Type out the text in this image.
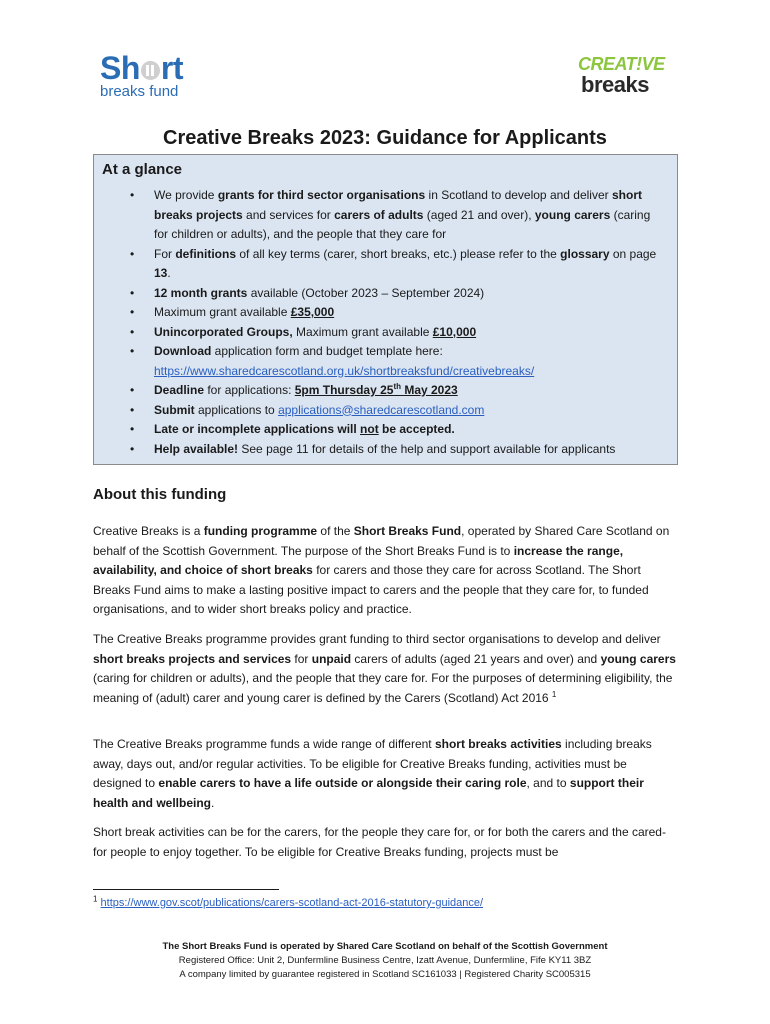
Sh rt
breaks fund
CREAT!VE
breaks
Creative Breaks 2023: Guidance for Applicants
At a glance
• We provide grants for third sector organisations in Scotland to develop and deliver short breaks projects and services for carers of adults (aged 21 and over), young carers (caring for children or adults), and the people that they care for
• For definitions of all key terms (carer, short breaks, etc.) please refer to the glossary on page 13.
• 12 month grants available (October 2023 – September 2024)
• Maximum grant available £35,000
• Unincorporated Groups, Maximum grant available £10,000
• Download application form and budget template here:
https://www.sharedcarescotland.org.uk/shortbreaksfund/creativebreaks/
• Deadline for applications: 5pm Thursday 25th May 2023
• Submit applications to applications@sharedcarescotland.com
• Late or incomplete applications will not be accepted.
• Help available! See page 11 for details of the help and support available for applicants
About this funding

Creative Breaks is a funding programme of the Short Breaks Fund, operated by Shared Care Scotland on behalf of the Scottish Government. The purpose of the Short Breaks Fund is to increase the range, availability, and choice of short breaks for carers and those they care for across Scotland. The Short Breaks Fund aims to make a lasting positive impact to carers and the people that they care for, to funded organisations, and to wider short breaks policy and practice.

The Creative Breaks programme provides grant funding to third sector organisations to develop and deliver short breaks projects and services for unpaid carers of adults (aged 21 years and over) and young carers (caring for children or adults), and the people that they care for. For the purposes of determining eligibility, the meaning of (adult) carer and young carer is defined by the Carers (Scotland) Act 2016 $^1$

The Creative Breaks programme funds a wide range of different short breaks activities including breaks away, days out, and/or regular activities. To be eligible for Creative Breaks funding, activities must be designed to enable carers to have a life outside or alongside their caring role, and to support their health and wellbeing.

Short break activities can be for the carers, for the people they care for, or for both the carers and the cared-for people to enjoy together. To be eligible for Creative Breaks funding, projects must be

$^1$ https://www.gov.scot/publications/carers-scotland-act-2016-statutory-guidance/
The Short Breaks Fund is operated by Shared Care Scotland on behalf of the Scottish Government
Registered Office: Unit 2, Dunfermline Business Centre, Izatt Avenue, Dunfermline, Fife KY11 3BZ
A company limited by guarantee registered in Scotland SC161033 | Registered Charity SC005315
